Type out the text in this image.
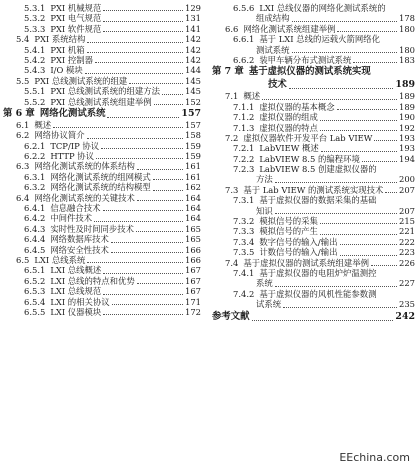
5.3.1 PXI 机械规范	129
5.3.2 PXI 电气规范	131
5.3.3 PXI 软件规范	141
5.4 PXI 系统结构	142
5.4.1 PXI 机箱	142
5.4.2 PXI 控制器	142
5.4.3 I/O 模块	144
5.5 PXI 总线测试系统的组建	145
5.5.1 PXI 总线测试系统的组建方法	145
5.5.2 PXI 总线测试系统组建举例	152
第 6 章 网络化测试系统	157
6.1 概述	157
6.2 网络协议简介	158
6.2.1 TCP/IP 协议	159
6.2.2 HTTP 协议	159
6.3 网络化测试系统的体系结构	161
6.3.1 网络化测试系统的组网模式	161
6.3.2 网络化测试系统的结构模型	162
6.4 网络化测试系统的关键技术	164
6.4.1 信息融合技术	164
6.4.2 中间件技术	164
6.4.3 实时性及时间同步技术	165
6.4.4 网络数据库技术	165
6.4.5 网络安全性技术	166
6.5 LXI 总线系统	166
6.5.1 LXI 总线概述	167
6.5.2 LXI 总线的特点和优势	167
6.5.3 LXI 总线规范	167
6.5.4 LXI 的相关协议	171
6.5.5 LXI 仪器模块	172
6.5.6 LXI 总线仪器的网络化测试系统的
组成结构	178
6.6 网络化测试系统组建举例	180
6.6.1 基于 LXI 总线的运载火箭网络化
测试系统	180
6.6.2 装甲车辆分布式测试系统	183
第 7 章 基于虚拟仪器的测试系统实现
技术	189
7.1 概述	189
7.1.1 虚拟仪器的基本概念	189
7.1.2 虚拟仪器的组成	190
7.1.3 虚拟仪器的特点	192
7.2 虚拟仪器软件开发平台 Lab VIEW	193
7.2.1 LabVIEW 概述	193
7.2.2 LabVIEW 8.5 的编程环境	194
7.2.3 LabVIEW 8.5 创建虚拟仪器的
方法	200
7.3 基于 Lab VIEW 的测试系统实现技术 207
7.3.1 基于虚拟仪器的数据采集的基础
知识	207
7.3.2 模拟信号的采集	215
7.3.3 模拟信号的产生	221
7.3.4 数字信号的输入/输出	222
7.3.5 计数信号的输入/输出	223
7.4 基于虚拟仪器的测试系统组建举例	226
7.4.1 基于虚拟仪器的电阻炉炉温测控
系统	227
7.4.2 基于虚拟仪器的风机性能参数测
试系统	235
参考文献	242
EEchina.com
